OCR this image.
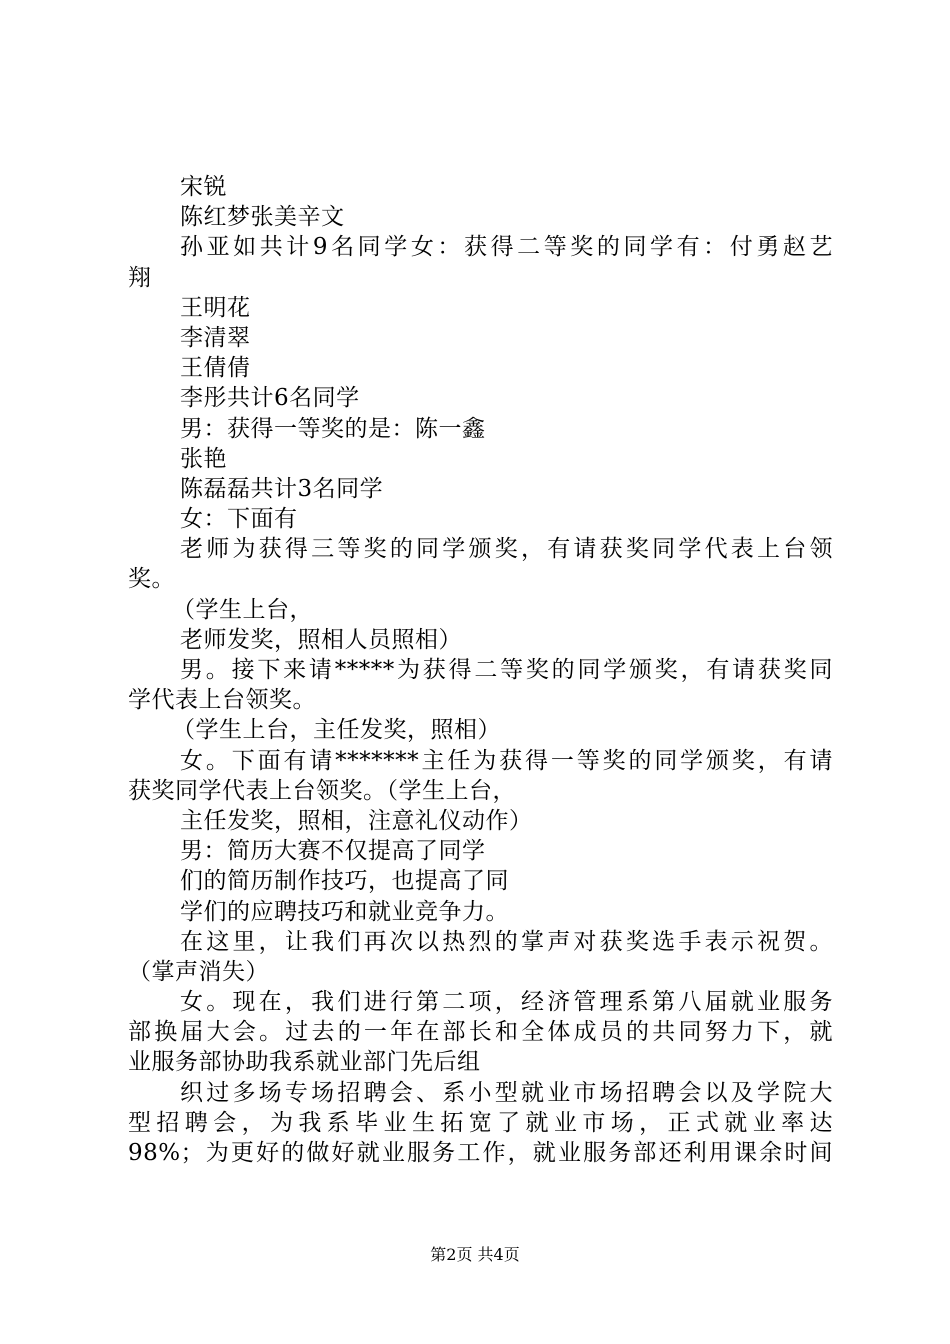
宋锐
陈红梦张美辛文
孙亚如共计9名同学女：获得二等奖的同学有：付勇赵艺
翔
王明花
李清翠
王倩倩
李彤共计6名同学
男：获得一等奖的是：陈一鑫
张艳
陈磊磊共计3名同学
女：下面有
老师为获得三等奖的同学颁奖，有请获奖同学代表上台领
奖。
（学生上台，
老师发奖，照相人员照相）
男。接下来请*****为获得二等奖的同学颁奖，有请获奖同
学代表上台领奖。
（学生上台，主任发奖，照相）
女。下面有请*******主任为获得一等奖的同学颁奖，有请
获奖同学代表上台领奖。（学生上台，
主任发奖，照相，注意礼仪动作）
男：简历大赛不仅提高了同学
们的简历制作技巧，也提高了同
学们的应聘技巧和就业竞争力。
在这里，让我们再次以热烈的掌声对获奖选手表示祝贺。
（掌声消失）
女。现在，我们进行第二项，经济管理系第八届就业服务
部换届大会。过去的一年在部长和全体成员的共同努力下，就
业服务部协助我系就业部门先后组
织过多场专场招聘会、系小型就业市场招聘会以及学院大
型招聘会，为我系毕业生拓宽了就业市场，正式就业率达
98%；为更好的做好就业服务工作，就业服务部还利用课余时间
第2页 共4页
